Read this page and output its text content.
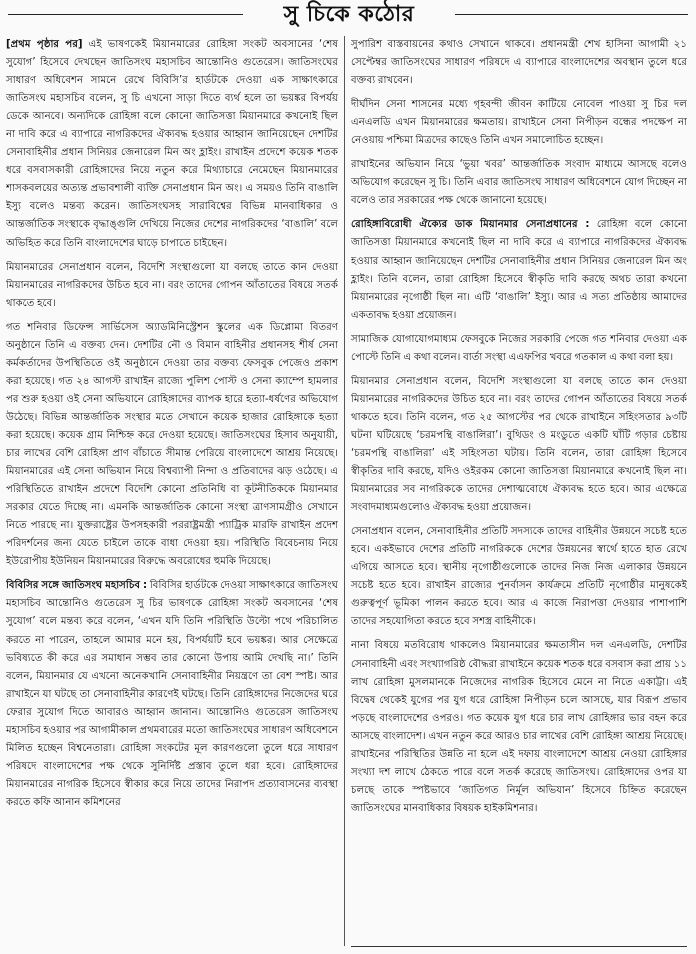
সু চিকে কঠোর

[প্রথম পৃষ্ঠার পর] এই ভাষণকেই মিয়ানমারের রোহিঙ্গা সংকট অবসানের ‘শেষ সুযোগ’ হিসেবে দেখছেন জাতিসংঘ মহাসচিব আন্তোনিও গুতেরেস। জাতিসংঘের সাধারণ অধিবেশন সামনে রেখে বিবিসি’র হার্ডটকে দেওয়া এক সাক্ষাৎকারে জাতিসংঘ মহাসচিব বলেন, সু চি এখনো সাড়া দিতে ব্যর্থ হলে তা ভয়ঙ্কর বিপর্যয় ডেকে আনবে। অন্যদিকে রোহিঙ্গা বলে কোনো জাতিসত্তা মিয়ানমারে কখনোই ছিল না দাবি করে এ ব্যাপারে নাগরিকদের ঐক্যবদ্ধ হওয়ার আহ্বান জানিয়েছেন দেশটির সেনাবাহিনীর প্রধান সিনিয়র জেনারেল মিন অং হ্লাইং। রাখাইন প্রদেশে কয়েক শতক ধরে বসবাসকারী রোহিঙ্গাদের নিয়ে নতুন করে মিথ্যাচারে নেমেছেন মিয়ানমারের শাসকবলয়ের অত্যন্ত প্রভাবশালী ব্যক্তি সেনাপ্রধান মিন অং। এ সময়ও তিনি বাঙালি ইস্যু বলেও মন্তব্য করেন। জাতিসংঘসহ সারাবিশ্বের বিভিন্ন মানবাধিকার ও আন্তর্জাতিক সংস্থাকে বৃদ্ধাঙ্গুলি দেখিয়ে নিজের দেশের নাগরিকদের ‘বাঙালি’ বলে অভিহিত করে তিনি বাংলাদেশের ঘাড়ে চাপাতে চাইছেন।

মিয়ানমারের সেনাপ্রধান বলেন, বিদেশি সংস্থাগুলো যা বলছে তাতে কান দেওয়া মিয়ানমারের নাগরিকদের উচিত হবে না। বরং তাদের গোপন আঁতাতের বিষয়ে সতর্ক থাকতে হবে।

গত শনিবার ডিফেন্স সার্ভিসেস অ্যাডমিনিস্ট্রেশন স্কুলের এক ডিপ্লোমা বিতরণ অনুষ্ঠানে তিনি এ বক্তব্য দেন। দেশটির নৌ ও বিমান বাহিনীর প্রধানসহ শীর্ষ সেনা কর্মকর্তাদের উপস্থিতিতে ওই অনুষ্ঠানে দেওয়া তার বক্তব্য ফেসবুক পেজেও প্রকাশ করা হয়েছে। গত ২৪ আগস্ট রাখাইন রাজ্যে পুলিশ পোস্ট ও সেনা ক্যাম্পে হামলার পর শুরু হওয়া ওই সেনা অভিযানে রোহিঙ্গাদের ব্যাপক হারে হত্যা-ধর্ষণের অভিযোগ উঠেছে। বিভিন্ন আন্তর্জাতিক সংস্থার মতে সেখানে কয়েক হাজার রোহিঙ্গাকে হত্যা করা হয়েছে। কয়েক গ্রাম নিশ্চিহ্ন করে দেওয়া হয়েছে। জাতিসংঘের হিসাব অনুযায়ী, চার লাখের বেশি রোহিঙ্গা প্রাণ বাঁচাতে সীমান্ত পেরিয়ে বাংলাদেশে আশ্রয় নিয়েছে। মিয়ানমারের এই সেনা অভিযান নিয়ে বিশ্বব্যাপী নিন্দা ও প্রতিবাদের ঝড় ওঠেছে। এ পরিস্থিতিতে রাখাইন প্রদেশে বিদেশি কোনো প্রতিনিধি বা কূটনীতিককে মিয়ানমার সরকার যেতে দিচ্ছে না। এমনকি আন্তর্জাতিক কোনো সংস্থা ত্রাণসামগ্রীও সেখানে নিতে পারছে না। যুক্তরাষ্ট্রের উপসহকারী পররাষ্ট্রমন্ত্রী প্যাট্রিক মারফি রাখাইন প্রদেশ পরিদর্শনের জন্য যেতে চাইলে তাকে বাধা দেওয়া হয়। পরিস্থিতি বিবেচনায় নিয়ে ইউরোপীয় ইউনিয়ন মিয়ানমারের বিরুদ্ধে অবরোধের হুমকি দিয়েছে।

বিবিসির সঙ্গে জাতিসংঘ মহাসচিব : বিবিসির হার্ডটকে দেওয়া সাক্ষাৎকারে জাতিসংঘ মহাসচিব আন্তোনিও গুতেরেস সু চির ভাষণকে রোহিঙ্গা সংকট অবসানের ‘শেষ সুযোগ’ বলে মন্তব্য করে বলেন, ‘এখন যদি তিনি পরিস্থিতি উল্টো পথে পরিচালিত করতে না পারেন, তাহলে আমার মনে হয়, বিপর্যয়টি হবে ভয়ঙ্কর। আর সেক্ষেত্রে ভবিষ্যতে কী করে এর সমাধান সম্ভব তার কোনো উপায় আমি দেখছি না।’ তিনি বলেন, মিয়ানমার যে এখনো অনেকখানি সেনাবাহিনীর নিয়ন্ত্রণে তা বেশ স্পষ্ট। আর রাখাইনে যা ঘটছে তা সেনাবাহিনীর কারণেই ঘটছে। তিনি রোহিঙ্গাদের নিজেদের ঘরে ফেরার সুযোগ দিতে আবারও আহ্বান জানান। আন্তোনিও গুতেরেস জাতিসংঘ মহাসচিব হওয়ার পর আগামীকাল প্রথমবারের মতো জাতিসংঘের সাধারণ অধিবেশনে মিলিত হচ্ছেন বিশ্বনেতারা। রোহিঙ্গা সংকটের মূল কারণগুলো তুলে ধরে সাধারণ পরিষদে বাংলাদেশের পক্ষ থেকে সুনির্দিষ্ট প্রস্তাব তুলে ধরা হবে। রোহিঙ্গাদের মিয়ানমারের নাগরিক হিসেবে স্বীকার করে নিয়ে তাদের নিরাপদ প্রত্যাবাসনের ব্যবস্থা করতে কফি আনান কমিশনের

সুপারিশ বাস্তবায়নের কথাও সেখানে থাকবে। প্রধানমন্ত্রী শেখ হাসিনা আগামী ২১ সেপ্টেম্বর জাতিসংঘের সাধারণ পরিষদে এ ব্যাপারে বাংলাদেশের অবস্থান তুলে ধরে বক্তব্য রাখবেন।

দীর্ঘদিন সেনা শাসনের মধ্যে গৃহবন্দী জীবন কাটিয়ে নোবেল পাওয়া সু চির দল এনএলডি এখন মিয়ানমারের ক্ষমতায়। রাখাইনে সেনা নিপীড়ন বন্ধের পদক্ষেপ না নেওয়ায় পশ্চিমা মিত্রদের কাছেও তিনি এখন সমালোচিত হচ্ছেন।

রাখাইনের অভিযান নিয়ে ‘ভুয়া খবর’ আন্তর্জাতিক সংবাদ মাধ্যমে আসছে বলেও অভিযোগ করেছেন সু চি। তিনি এবার জাতিসংঘ সাধারণ অধিবেশনে যোগ দিচ্ছেন না বলেও তার সরকারের পক্ষ থেকে জানানো হয়েছে।

রোহিঙ্গাবিরোধী ঐক্যের ডাক মিয়ানমার সেনাপ্রধানের : রোহিঙ্গা বলে কোনো জাতিসত্তা মিয়ানমারে কখনোই ছিল না দাবি করে এ ব্যাপারে নাগরিকদের ঐক্যবদ্ধ হওয়ার আহ্বান জানিয়েছেন দেশটির সেনাবাহিনীর প্রধান সিনিয়র জেনারেল মিন অং হ্লাইং। তিনি বলেন, তারা রোহিঙ্গা হিসেবে স্বীকৃতি দাবি করছে অথচ তারা কখনো মিয়ানমারের নৃগোষ্ঠী ছিল না। এটি ‘বাঙালি’ ইস্যু। আর এ সত্য প্রতিষ্ঠায় আমাদের একতাবদ্ধ হওয়া প্রয়োজন।

সামাজিক যোগাযোগমাধ্যম ফেসবুকে নিজের সরকারি পেজে গত শনিবার দেওয়া এক পোস্টে তিনি এ কথা বলেন। বার্তা সংস্থা এএফপির খবরে গতকাল এ কথা বলা হয়।

মিয়ানমার সেনাপ্রধান বলেন, বিদেশি সংস্থাগুলো যা বলছে তাতে কান দেওয়া মিয়ানমারের নাগরিকদের উচিত হবে না। বরং তাদের গোপন আঁতাতের বিষয়ে সতর্ক থাকতে হবে। তিনি বলেন, গত ২৫ আগস্টের পর থেকে রাখাইনে সহিংসতার ৯৩টি ঘটনা ঘটিয়েছে ‘চরমপন্থি বাঙালিরা’। বুথিডং ও মংডুতে একটি ঘাঁটি গড়ার চেষ্টায় ‘চরমপন্থি বাঙালিরা’ এই সহিংসতা ঘটায়। তিনি বলেন, তারা রোহিঙ্গা হিসেবে স্বীকৃতির দাবি করছে, যদিও ওইরকম কোনো জাতিসত্তা মিয়ানমারে কখনোই ছিল না। মিয়ানমারের সব নাগরিককে তাদের দেশাত্মবোধে ঐক্যবদ্ধ হতে হবে। আর এক্ষেত্রে সংবাদমাধ্যমগুলোও ঐক্যবদ্ধ হওয়া প্রয়োজন।

সেনাপ্রধান বলেন, সেনাবাহিনীর প্রতিটি সদস্যকে তাদের বাহিনীর উন্নয়নে সচেষ্ট হতে হবে। একইভাবে দেশের প্রতিটি নাগরিককে দেশের উন্নয়নের স্বার্থে হাতে হাত রেখে এগিয়ে আসতে হবে। স্থানীয় নৃগোষ্ঠীগুলোকে তাদের নিজ নিজ এলাকার উন্নয়নে সচেষ্ট হতে হবে। রাখাইন রাজ্যের পুনর্বাসন কার্যক্রমে প্রতিটি নৃগোষ্ঠীর মানুষকেই গুরুত্বপূর্ণ ভূমিকা পালন করতে হবে। আর এ কাজে নিরাপত্তা দেওয়ার পাশাপাশি তাদের সহযোগিতা করতে হবে সশস্ত্র বাহিনীকে।

নানা বিষয়ে মতবিরোধ থাকলেও মিয়ানমারের ক্ষমতাসীন দল এনএলডি, দেশটির সেনাবাহিনী এবং সংখ্যাগরিষ্ঠ বৌদ্ধরা রাখাইনে কয়েক শতক ধরে বসবাস করা প্রায় ১১ লাখ রোহিঙ্গা মুসলমানকে নিজেদের নাগরিক হিসেবে মেনে না নিতে একাট্টা। এই বিদ্বেষ থেকেই যুগের পর যুগ ধরে রোহিঙ্গা নিপীড়ন চলে আসছে, যার বিরূপ প্রভাব পড়ছে বাংলাদেশের ওপরও। গত কয়েক যুগ ধরে চার লাখ রোহিঙ্গার ভার বহন করে আসছে বাংলাদেশ। এখন নতুন করে আরও চার লাখের বেশি রোহিঙ্গা আশ্রয় নিয়েছে। রাখাইনের পরিস্থিতির উন্নতি না হলে এই দফায় বাংলাদেশে আশ্রয় নেওয়া রোহিঙ্গার সংখ্যা দশ লাখে ঠেকতে পারে বলে সতর্ক করেছে জাতিসংঘ। রোহিঙ্গাদের ওপর যা চলছে তাকে স্পষ্টভাবে ‘জাতিগত নির্মূল অভিযান’ হিসেবে চিহ্নিত করেছেন জাতিসংঘের মানবাধিকার বিষয়ক হাইকমিশনার।
